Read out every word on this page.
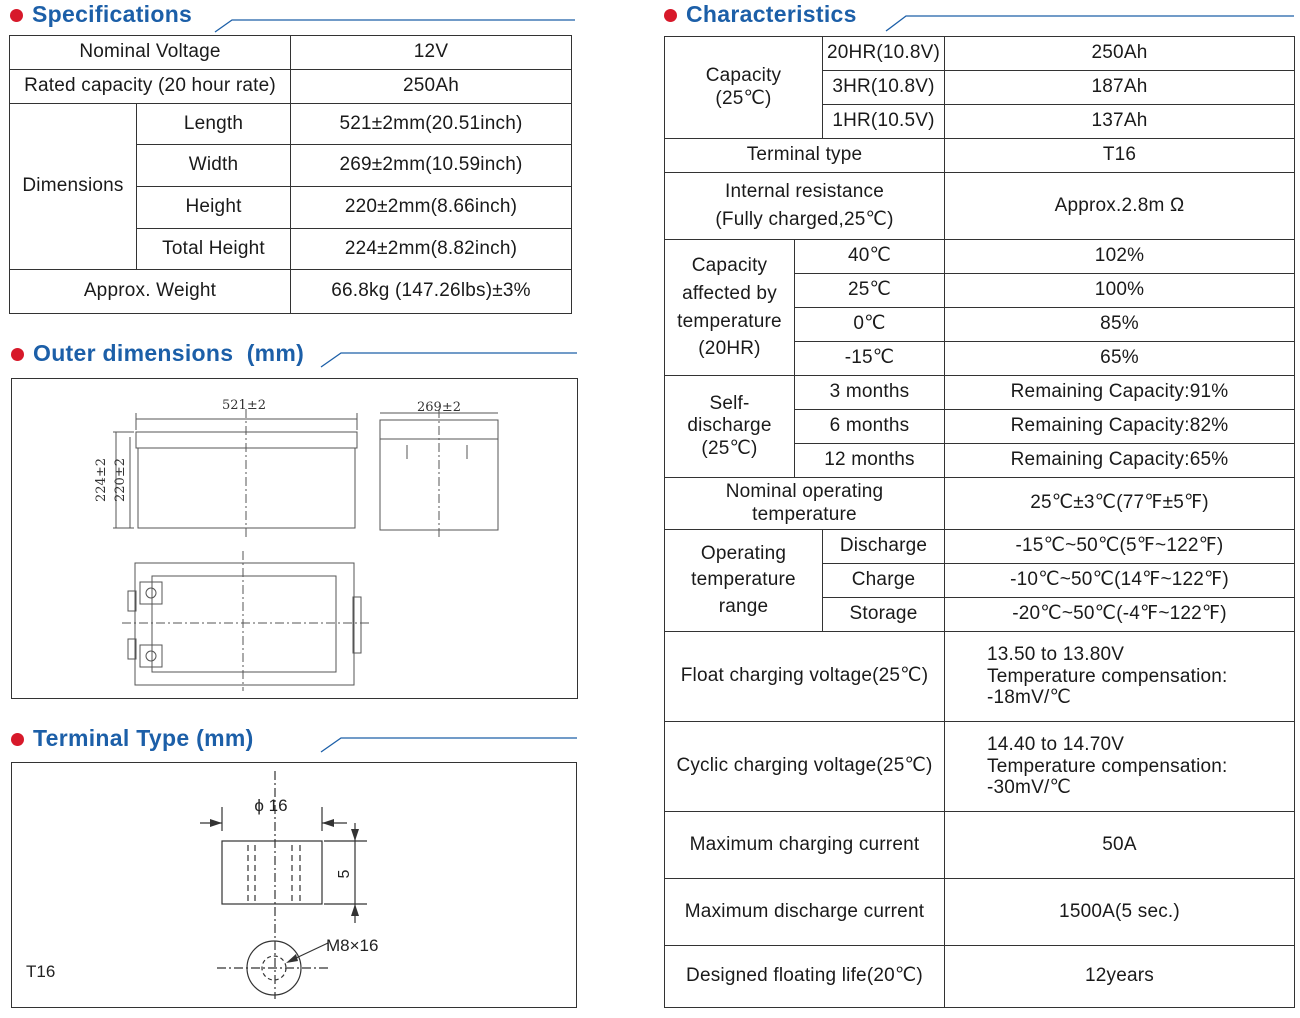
Specifications
Nominal Voltage		12V
Rated capacity (20 hour rate)		250Ah
Dimensions	Length	521±2mm(20.51inch)
	Width	269±2mm(10.59inch)
	Height	220±2mm(8.66inch)
	Total Height	224±2mm(8.82inch)
Approx. Weight		66.8kg (147.26lbs)±3%
Outer dimensions  (mm)
521±2	269±2
224±2 220±2
Terminal Type (mm)
ϕ 16
5
M8×16
T16
Characteristics
Capacity
(25℃)		20HR(10.8V)	250Ah
		3HR(10.8V)	187Ah
		1HR(10.5V)	137Ah
Terminal type			T16

Internal resistance
(Fully charged,25℃)			Approx.2.8m Ω

Capacity
affected by
temperature
(20HR)	40℃		102%
	25℃		100%
	0℃		85%
	-15℃		65%

Self-discharge
(25℃)	3 months		Remaining Capacity:91%
	6 months		Remaining Capacity:82%
	12 months		Remaining Capacity:65%

Nominal operating
temperature			25℃±3℃(77℉±5℉)

Operating
temperature
range		Discharge	-15℃~50℃(5℉~122℉)
		Charge	-10℃~50℃(14℉~122℉)
		Storage	-20℃~50℃(-4℉~122℉)
Float charging voltage(25℃)			13.50 to 13.80V
Temperature compensation:
-18mV/℃

Cyclic charging voltage(25℃)			14.40 to 14.70V
Temperature compensation:
-30mV/℃

Maximum charging current			50A
Maximum discharge current			1500A(5 sec.)
Designed floating life(20℃)			12years
